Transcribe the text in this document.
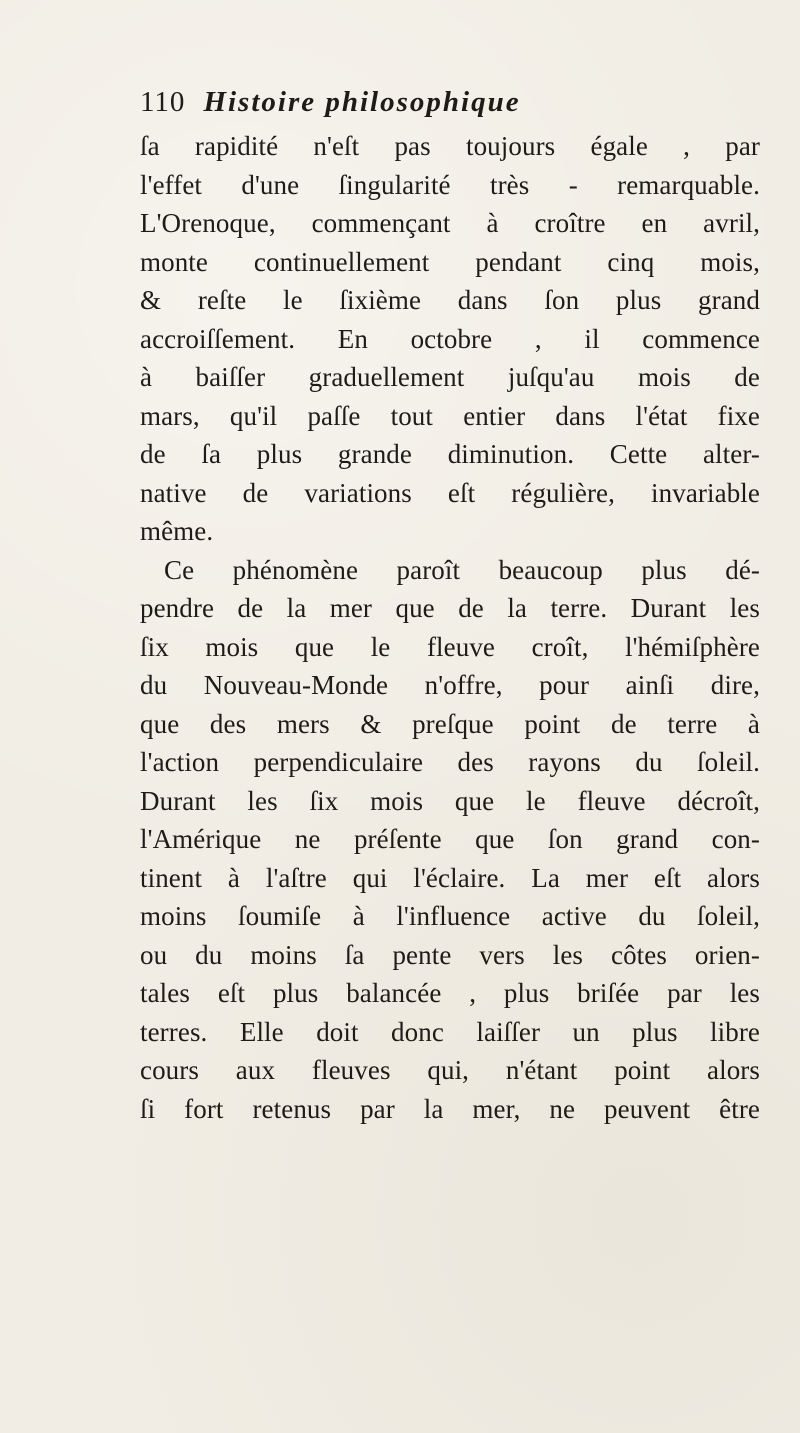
110 Histoire philosophique
ſa rapidité n'eſt pas toujours égale , par
l'effet d'une ſingularité très - remarquable.
L'Orenoque, commençant à croître en avril,
monte continuellement pendant cinq mois,
& reſte le ſixième dans ſon plus grand
accroiſſement. En octobre , il commence
à baiſſer graduellement juſqu'au mois de
mars, qu'il paſſe tout entier dans l'état fixe
de ſa plus grande diminution. Cette alter-
native de variations eſt régulière, invariable
même.
Ce phénomène paroît beaucoup plus dé-
pendre de la mer que de la terre. Durant les
ſix mois que le fleuve croît, l'hémiſphère
du Nouveau-Monde n'offre, pour ainſi dire,
que des mers & preſque point de terre à
l'action perpendiculaire des rayons du ſoleil.
Durant les ſix mois que le fleuve décroît,
l'Amérique ne préſente que ſon grand con-
tinent à l'aſtre qui l'éclaire. La mer eſt alors
moins ſoumiſe à l'influence active du ſoleil,
ou du moins ſa pente vers les côtes orien-
tales eſt plus balancée , plus briſée par les
terres. Elle doit donc laiſſer un plus libre
cours aux fleuves qui, n'étant point alors
ſi fort retenus par la mer, ne peuvent être
